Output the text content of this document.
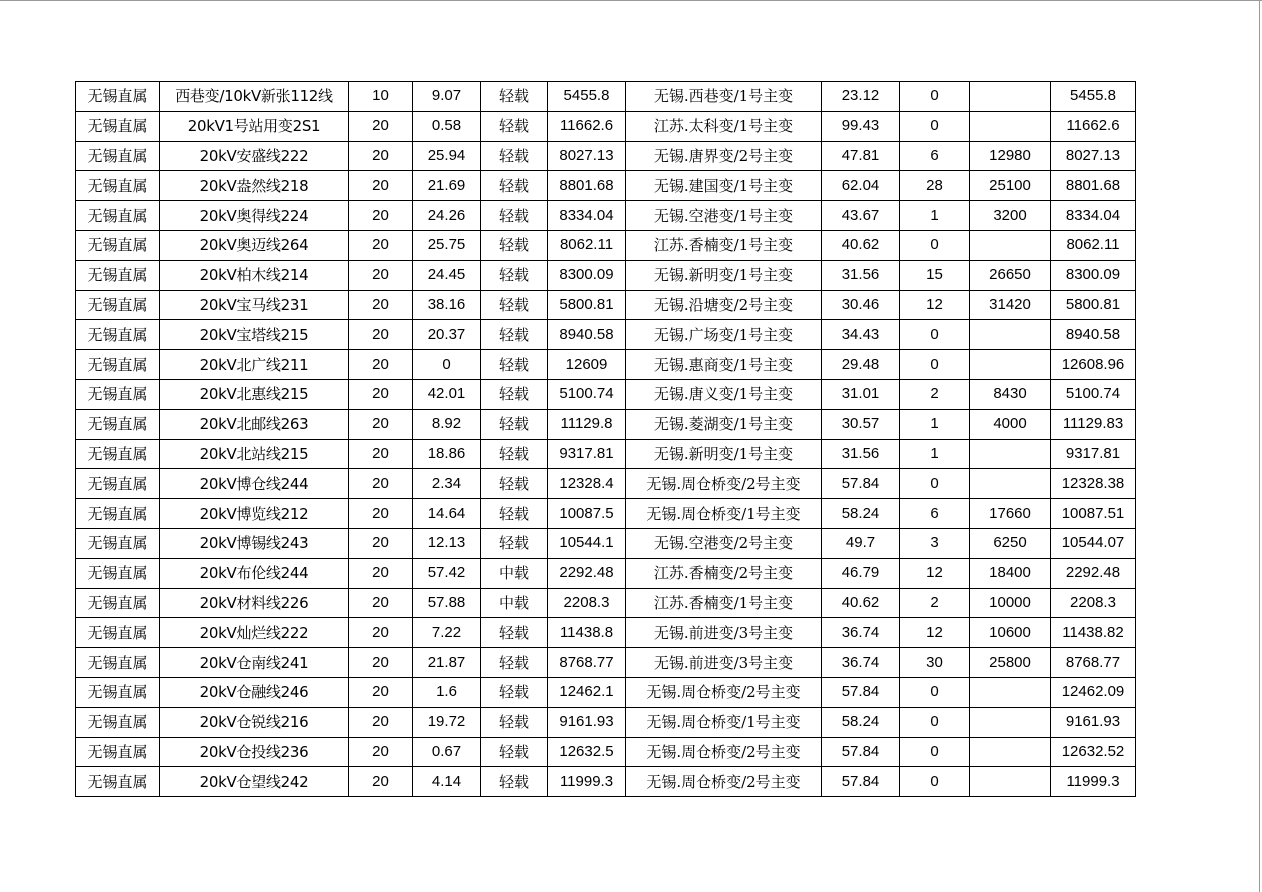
无锡直属	西巷变/10kV新张112线	10	9.07	轻载	5455.8	无锡.西巷变/1号主变	23.12	0		5455.8
无锡直属	20kV1号站用变2S1	20	0.58	轻载	11662.6	江苏.太科变/1号主变	99.43	0		11662.6
无锡直属	20kV安盛线222	20	25.94	轻载	8027.13	无锡.唐界变/2号主变	47.81	6	12980	8027.13
无锡直属	20kV盎然线218	20	21.69	轻载	8801.68	无锡.建国变/1号主变	62.04	28	25100	8801.68
无锡直属	20kV奥得线224	20	24.26	轻载	8334.04	无锡.空港变/1号主变	43.67	1	3200	8334.04
无锡直属	20kV奥迈线264	20	25.75	轻载	8062.11	江苏.香楠变/1号主变	40.62	0		8062.11
无锡直属	20kV柏木线214	20	24.45	轻载	8300.09	无锡.新明变/1号主变	31.56	15	26650	8300.09
无锡直属	20kV宝马线231	20	38.16	轻载	5800.81	无锡.沿塘变/2号主变	30.46	12	31420	5800.81
无锡直属	20kV宝塔线215	20	20.37	轻载	8940.58	无锡.广场变/1号主变	34.43	0		8940.58
无锡直属	20kV北广线211	20	0	轻载	12609	无锡.惠商变/1号主变	29.48	0		12608.96
无锡直属	20kV北惠线215	20	42.01	轻载	5100.74	无锡.唐义变/1号主变	31.01	2	8430	5100.74
无锡直属	20kV北邮线263	20	8.92	轻载	11129.8	无锡.菱湖变/1号主变	30.57	1	4000	11129.83
无锡直属	20kV北站线215	20	18.86	轻载	9317.81	无锡.新明变/1号主变	31.56	1		9317.81
无锡直属	20kV博仓线244	20	2.34	轻载	12328.4	无锡.周仓桥变/2号主变	57.84	0		12328.38
无锡直属	20kV博览线212	20	14.64	轻载	10087.5	无锡.周仓桥变/1号主变	58.24	6	17660	10087.51
无锡直属	20kV博锡线243	20	12.13	轻载	10544.1	无锡.空港变/2号主变	49.7	3	6250	10544.07
无锡直属	20kV布伦线244	20	57.42	中载	2292.48	江苏.香楠变/2号主变	46.79	12	18400	2292.48
无锡直属	20kV材料线226	20	57.88	中载	2208.3	江苏.香楠变/1号主变	40.62	2	10000	2208.3
无锡直属	20kV灿烂线222	20	7.22	轻载	11438.8	无锡.前进变/3号主变	36.74	12	10600	11438.82
无锡直属	20kV仓南线241	20	21.87	轻载	8768.77	无锡.前进变/3号主变	36.74	30	25800	8768.77
无锡直属	20kV仓融线246	20	1.6	轻载	12462.1	无锡.周仓桥变/2号主变	57.84	0		12462.09
无锡直属	20kV仓锐线216	20	19.72	轻载	9161.93	无锡.周仓桥变/1号主变	58.24	0		9161.93
无锡直属	20kV仓投线236	20	0.67	轻载	12632.5	无锡.周仓桥变/2号主变	57.84	0		12632.52
无锡直属	20kV仓望线242	20	4.14	轻载	11999.3	无锡.周仓桥变/2号主变	57.84	0		11999.3
